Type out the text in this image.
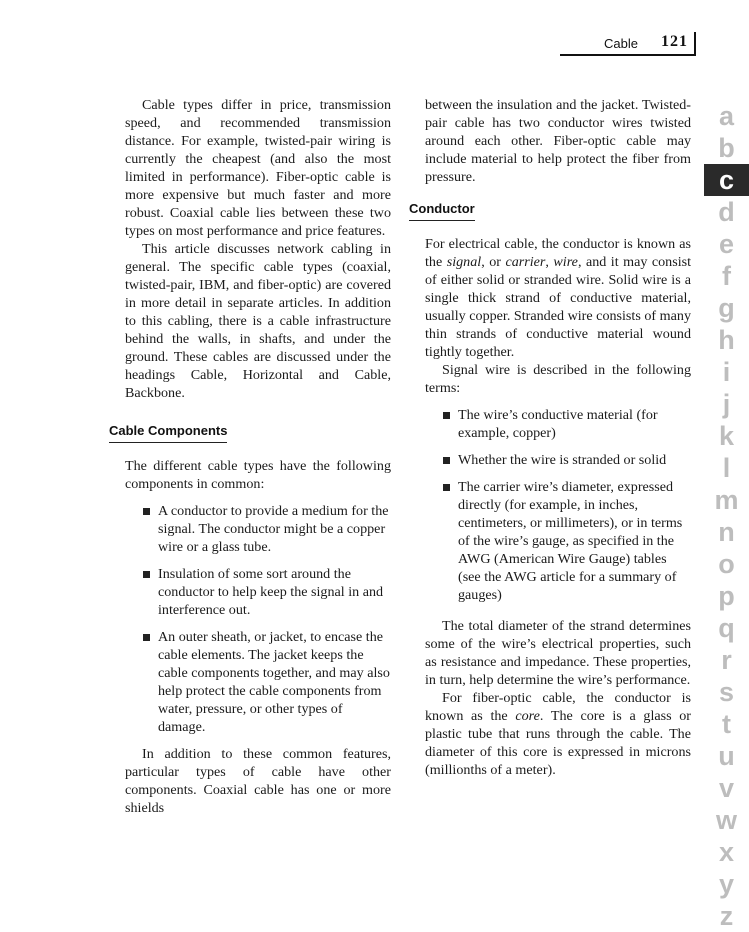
Cable 121

Cable types differ in price, transmission speed, and recommended transmission distance. For example, twisted-pair wiring is currently the cheapest (and also the most limited in performance). Fiber-optic cable is more expensive but much faster and more robust. Coaxial cable lies between these two types on most performance and price features.

This article discusses network cabling in general. The specific cable types (coaxial, twisted-pair, IBM, and fiber-optic) are covered in more detail in separate articles. In addition to this cabling, there is a cable infrastructure behind the walls, in shafts, and under the ground. These cables are discussed under the headings Cable, Horizontal and Cable, Backbone.

Cable Components

The different cable types have the following components in common:

A conductor to provide a medium for the signal. The conductor might be a copper wire or a glass tube.
Insulation of some sort around the conductor to help keep the signal in and interference out.
An outer sheath, or jacket, to encase the cable elements. The jacket keeps the cable components together, and may also help protect the cable components from water, pressure, or other types of damage.

In addition to these common features, particular types of cable have other components. Coaxial cable has one or more shields

between the insulation and the jacket. Twisted-pair cable has two conductor wires twisted around each other. Fiber-optic cable may include material to help protect the fiber from pressure.

Conductor

For electrical cable, the conductor is known as the signal, or carrier, wire, and it may consist of either solid or stranded wire. Solid wire is a single thick strand of conductive material, usually copper. Stranded wire consists of many thin strands of conductive material wound tightly together.

Signal wire is described in the following terms:

The wire’s conductive material (for example, copper)
Whether the wire is stranded or solid
The carrier wire’s diameter, expressed directly (for example, in inches, centimeters, or millimeters), or in terms of the wire’s gauge, as specified in the AWG (American Wire Gauge) tables (see the AWG article for a summary of gauges)

The total diameter of the strand determines some of the wire’s electrical properties, such as resistance and impedance. These properties, in turn, help determine the wire’s performance.

For fiber-optic cable, the conductor is known as the core. The core is a glass or plastic tube that runs through the cable. The diameter of this core is expressed in microns (millionths of a meter).

a
b
c
d
e
f
g
h
i
j
k
l
m
n
o
p
q
r
s
t
u
v
w
x
y
z
